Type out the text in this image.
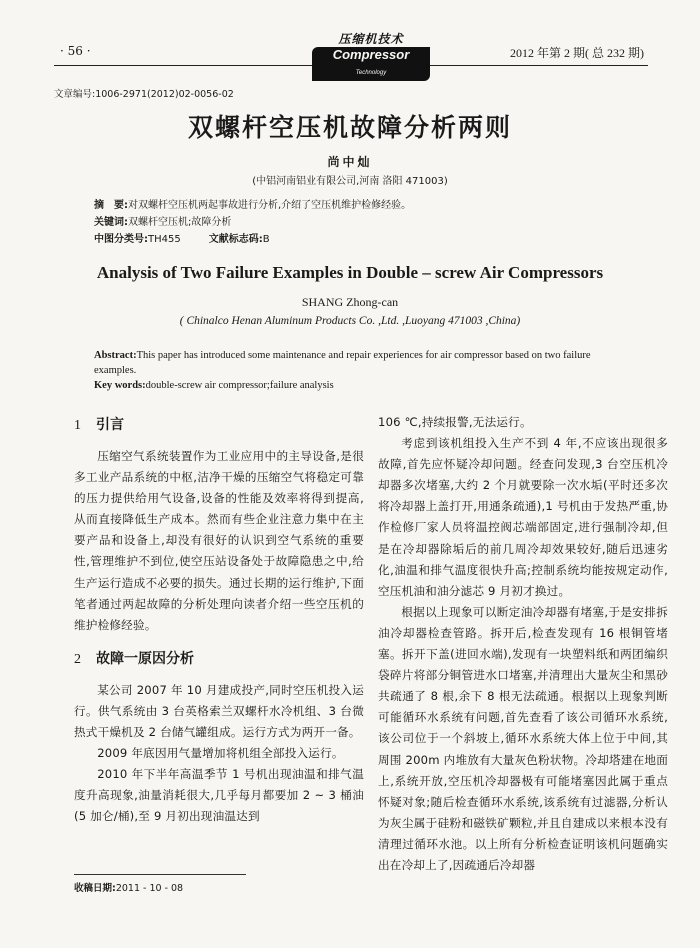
· 56 ·
压缩机技术
Compressor Technology
2012 年第 2 期( 总 232 期)
文章编号:1006-2971(2012)02-0056-02
双螺杆空压机故障分析两则
尚中灿
(中铝河南铝业有限公司,河南 洛阳 471003)
摘　要:对双螺杆空压机两起事故进行分析,介绍了空压机维护检修经验。
关键词:双螺杆空压机;故障分析
中图分类号:TH455	文献标志码:B
Analysis of Two Failure Examples in Double – screw Air Compressors
SHANG Zhong-can
( Chinalco Henan Aluminum Products Co. ,Ltd. ,Luoyang 471003 ,China)
Abstract:This paper has introduced some maintenance and repair experiences for air compressor based on two failure examples.
Key words:double-screw air compressor;failure analysis
1 引言

压缩空气系统装置作为工业应用中的主导设备,是很多工业产品系统的中枢,洁净干燥的压缩空气将稳定可靠的压力提供给用气设备,设备的性能及效率将得到提高,从而直接降低生产成本。然而有些企业注意力集中在主要产品和设备上,却没有很好的认识到空气系统的重要性,管理维护不到位,使空压站设备处于故障隐患之中,给生产运行造成不必要的损失。通过长期的运行维护,下面笔者通过两起故障的分析处理向读者介绍一些空压机的维护检修经验。

2 故障一原因分析

某公司 2007 年 10 月建成投产,同时空压机投入运行。供气系统由 3 台英格索兰双螺杆水冷机组、3 台微热式干燥机及 2 台储气罐组成。运行方式为两开一备。

2009 年底因用气量增加将机组全部投入运行。

2010 年下半年高温季节 1 号机出现油温和排气温度升高现象,油量消耗很大,几乎每月都要加 2 ~ 3 桶油(5 加仑/桶),至 9 月初出现油温达到

106 ℃,持续报警,无法运行。

考虑到该机组投入生产不到 4 年,不应该出现很多故障,首先应怀疑冷却问题。经查问发现,3 台空压机冷却器多次堵塞,大约 2 个月就要除一次水垢(平时还多次将冷却器上盖打开,用通条疏通),1 号机由于发热严重,协作检修厂家人员将温控阀芯端部固定,进行强制冷却,但是在冷却器除垢后的前几周冷却效果较好,随后迅速劣化,油温和排气温度很快升高;控制系统均能按规定动作,空压机油和油分滤芯 9 月初才换过。

根据以上现象可以断定油冷却器有堵塞,于是安排拆油冷却器检查管路。拆开后,检查发现有 16 根铜管堵塞。拆开下盖(进回水端),发现有一块塑料纸和两团编织袋碎片将部分铜管进水口堵塞,并清理出大量灰尘和黑砂共疏通了 8 根,余下 8 根无法疏通。根据以上现象判断可能循环水系统有问题,首先查看了该公司循环水系统,该公司位于一个斜坡上,循环水系统大体上位于中间,其周围 200m 内堆放有大量灰色粉状物。冷却塔建在地面上,系统开放,空压机冷却器极有可能堵塞因此属于重点怀疑对象;随后检查循环水系统,该系统有过滤器,分析认为灰尘属于硅粉和磁铁矿颗粒,并且自建成以来根本没有清理过循环水池。以上所有分析检查证明该机问题确实出在冷却上了,因疏通后冷却器

收稿日期:2011 - 10 - 08
